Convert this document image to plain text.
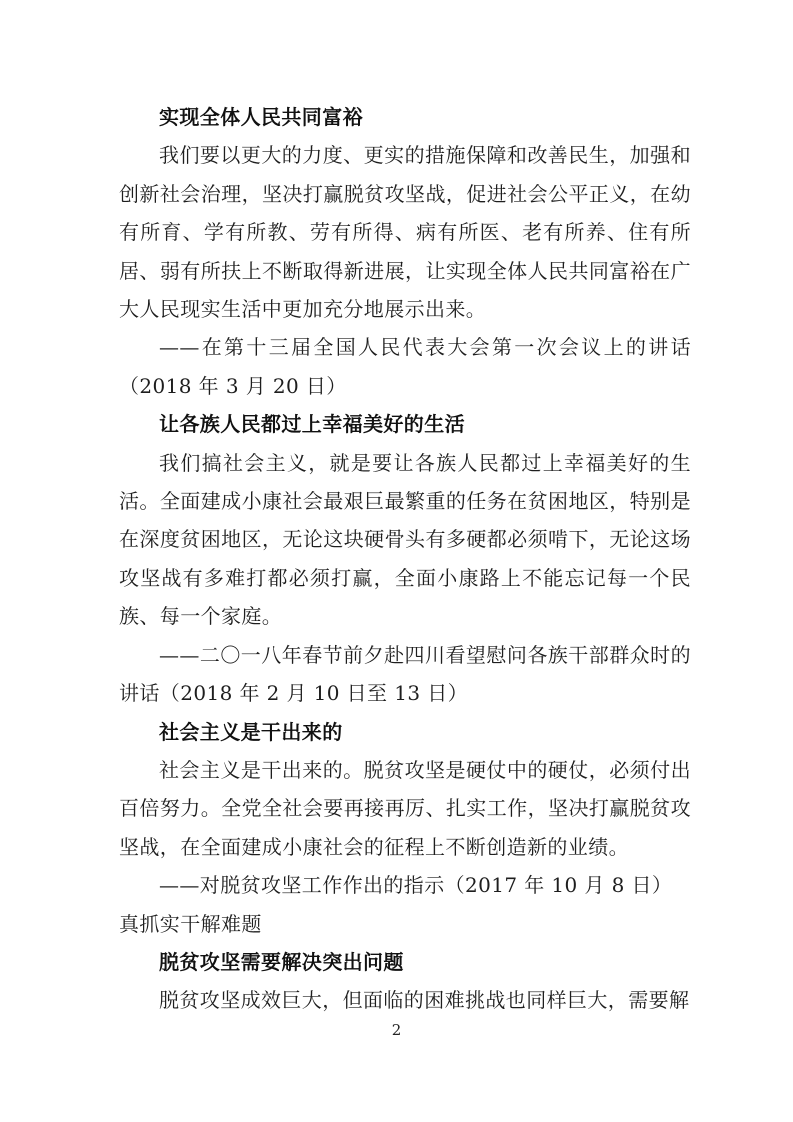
实现全体人民共同富裕
我们要以更大的力度、更实的措施保障和改善民生，加强和创新社会治理，坚决打赢脱贫攻坚战，促进社会公平正义，在幼有所育、学有所教、劳有所得、病有所医、老有所养、住有所居、弱有所扶上不断取得新进展，让实现全体人民共同富裕在广大人民现实生活中更加充分地展示出来。
——在第十三届全国人民代表大会第一次会议上的讲话（2018 年 3 月 20 日）
让各族人民都过上幸福美好的生活
我们搞社会主义，就是要让各族人民都过上幸福美好的生活。全面建成小康社会最艰巨最繁重的任务在贫困地区，特别是在深度贫困地区，无论这块硬骨头有多硬都必须啃下，无论这场攻坚战有多难打都必须打赢，全面小康路上不能忘记每一个民族、每一个家庭。
——二〇一八年春节前夕赴四川看望慰问各族干部群众时的讲话（2018 年 2 月 10 日至 13 日）
社会主义是干出来的
社会主义是干出来的。脱贫攻坚是硬仗中的硬仗，必须付出百倍努力。全党全社会要再接再厉、扎实工作，坚决打赢脱贫攻坚战，在全面建成小康社会的征程上不断创造新的业绩。
——对脱贫攻坚工作作出的指示（2017 年 10 月 8 日）
真抓实干解难题
脱贫攻坚需要解决突出问题
脱贫攻坚成效巨大，但面临的困难挑战也同样巨大，需要解
2
